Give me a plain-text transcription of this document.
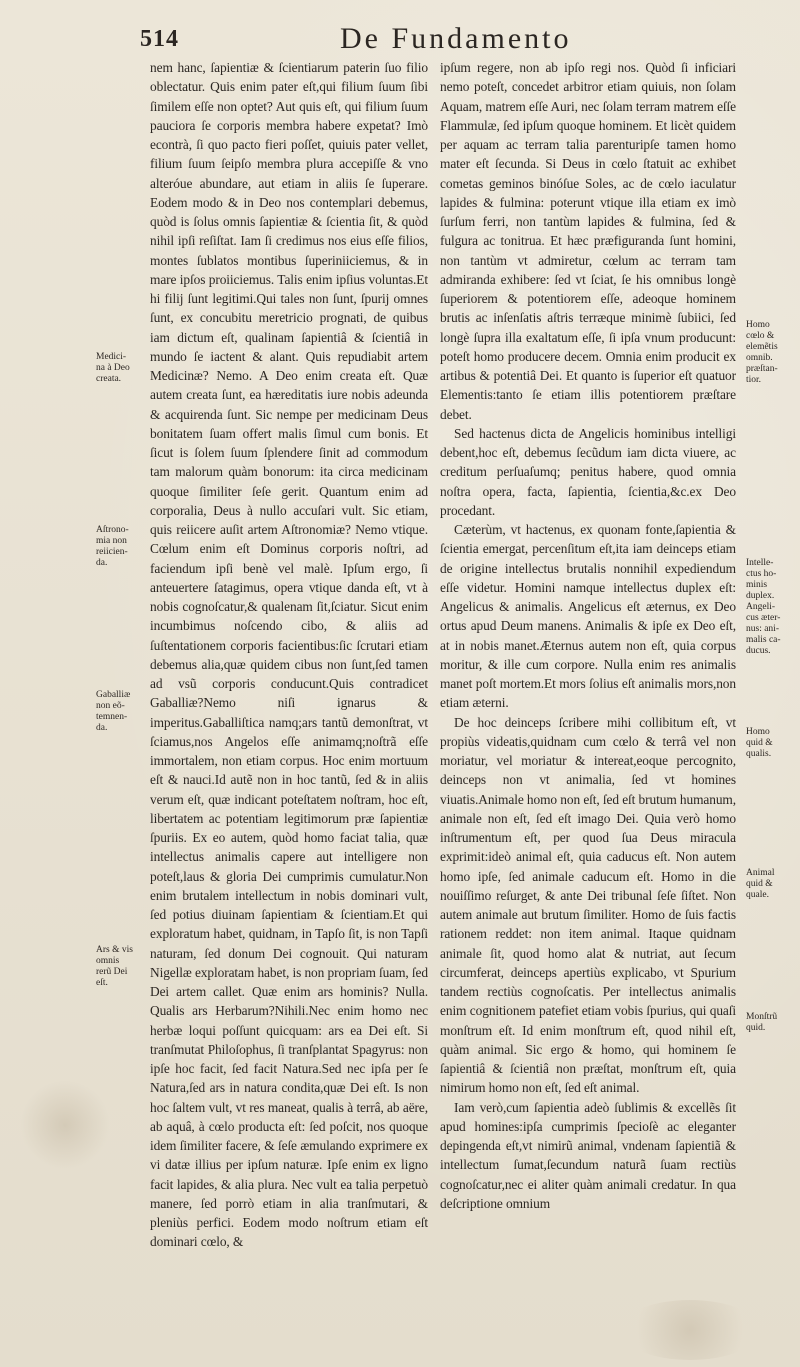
514	De Fundamento

nem hanc, ſapientiæ & ſcientiarum paterin ſuo filio oblectatur. Quis enim pater eſt,qui filium ſuum ſibi ſimilem eſſe non optet? Aut quis eſt, qui filium ſuum pauciora ſe corporis membra habere expetat? Imò econtrà, ſi quo pacto fieri poſſet, quiuis pater vellet, filium ſuum ſeipſo membra plura accepiſſe & vno alteróue abundare, aut etiam in aliis ſe ſuperare. Eodem modo & in Deo nos contemplari debemus, quòd is ſolus omnis ſapientiæ & ſcientia ſit, & quòd nihil ipſi reſiſtat. Iam ſi credimus nos eius eſſe filios, montes ſublatos montibus ſuperiniiciemus, & in mare ipſos proiiciemus. Talis enim ipſius voluntas.Et hi filij ſunt legitimi.Qui tales non ſunt, ſpurij omnes ſunt, ex concubitu meretricio prognati, de quibus iam dictum eſt, qualinam ſapientiâ & ſcientiâ in mundo ſe iactent & alant. Quis repudiabit artem Medicinæ? Nemo. A Deo enim creata eſt. Quæ autem creata ſunt, ea hæreditatis iure nobis adeunda & acquirenda ſunt. Sic nempe per medicinam Deus bonitatem ſuam offert malis ſimul cum bonis. Et ſicut is ſolem ſuum ſplendere ſinit ad commodum tam malorum quàm bonorum: ita circa medicinam quoque ſimiliter ſeſe gerit. Quantum enim ad corporalia, Deus à nullo accuſari vult. Sic etiam, quis reiicere auſit artem Aſtronomiæ? Nemo vtique. Cœlum enim eſt Dominus corporis noſtri, ad faciendum ipſi benè vel malè. Ipſum ergo, ſi anteuertere ſatagimus, opera vtique danda eſt, vt à nobis cognoſcatur,& qualenam ſit,ſciatur. Sicut enim incumbimus noſcendo cibo, & aliis ad ſuſtentationem corporis facientibus:ſic ſcrutari etiam debemus alia,quæ quidem cibus non ſunt,ſed tamen ad vsũ corporis conducunt.Quis contradicet Gaballiæ?Nemo niſi ignarus & imperitus.Gaballiſtica namq;ars tantũ demonſtrat, vt ſciamus,nos Angelos eſſe animamq;noſtrã eſſe immortalem, non etiam corpus. Hoc enim mortuum eſt & nauci.Id autẽ non in hoc tantũ, ſed & in aliis verum eſt, quæ indicant poteſtatem noſtram, hoc eſt, libertatem ac potentiam legitimorum præ ſapientiæ ſpuriis. Ex eo autem, quòd homo faciat talia, quæ intellectus animalis capere aut intelligere non poteſt,laus & gloria Dei cumprimis cumulatur.Non enim brutalem intellectum in nobis dominari vult, ſed potius diuinam ſapientiam & ſcientiam.Et qui exploratum habet, quidnam, in Tapſo ſit, is non Tapſi naturam, ſed donum Dei cognouit. Qui naturam Nigellæ exploratam habet, is non propriam ſuam, ſed Dei artem callet. Quæ enim ars hominis? Nulla. Qualis ars Herbarum?Nihili.Nec enim homo nec herbæ loqui poſſunt quicquam: ars ea Dei eſt. Si tranſmutat Philoſophus, ſi tranſplantat Spagyrus: non ipſe hoc facit, ſed facit Natura.Sed nec ipſa per ſe Natura,ſed ars in natura condita,quæ Dei eſt. Is non hoc ſaltem vult, vt res maneat, qualis à terrâ, ab aëre, ab aquâ, à cœlo producta eſt: ſed poſcit, nos quoque idem ſimiliter facere, & ſeſe æmulando exprimere ex vi datæ illius per ipſum naturæ. Ipſe enim ex ligno facit lapides, & alia plura. Nec vult ea talia perpetuò manere, ſed porrò etiam in alia tranſmutari, & pleniùs perfici. Eodem modo noſtrum etiam eſt dominari cœlo, &

ipſum regere, non ab ipſo regi nos. Quòd ſi inficiari nemo poteſt, concedet arbitror etiam quiuis, non ſolam Aquam, matrem eſſe Auri, nec ſolam terram matrem eſſe Flammulæ, ſed ipſum quoque hominem. Et licèt quidem per aquam ac terram talia parenturipſe tamen homo mater eſt ſecunda. Si Deus in cœlo ſtatuit ac exhibet cometas geminos binóſue Soles, ac de cœlo iaculatur lapides & fulmina: poterunt vtique illa etiam ex imò ſurſum ferri, non tantùm lapides & fulmina, ſed & fulgura ac tonitrua. Et hæc præfiguranda ſunt homini, non tantùm vt admiretur, cœlum ac terram tam admiranda exhibere: ſed vt ſciat, ſe his omnibus longè ſuperiorem & potentiorem eſſe, adeoque hominem brutis ac inſenſatis aſtris terræque minimè ſubiici, ſed longè ſupra illa exaltatum eſſe, ſi ipſa vnum producunt: poteſt homo producere decem. Omnia enim producit ex artibus & potentiâ Dei. Et quanto is ſuperior eſt quatuor Elementis:tanto ſe etiam illis potentiorem præſtare debet.

Sed hactenus dicta de Angelicis hominibus intelligi debent,hoc eſt, debemus ſecũdum iam dicta viuere, ac creditum perſuaſumq; penitus habere, quod omnia noſtra opera, facta, ſapientia, ſcientia,&c.ex Deo procedant.

Cæterùm, vt hactenus, ex quonam fonte,ſapientia & ſcientia emergat, percenſitum eſt,ita iam deinceps etiam de origine intellectus brutalis nonnihil expediendum eſſe videtur. Homini namque intellectus duplex eſt: Angelicus & animalis. Angelicus eſt æternus, ex Deo ortus apud Deum manens. Animalis & ipſe ex Deo eſt, at in nobis manet.Æternus autem non eſt, quia corpus moritur, & ille cum corpore. Nulla enim res animalis manet poſt mortem.Et mors ſolius eſt animalis mors,non etiam æterni.

De hoc deinceps ſcribere mihi collibitum eſt, vt propiùs videatis,quidnam cum cœlo & terrâ vel non moriatur, vel moriatur & intereat,eoque percognito, deinceps non vt animalia, ſed vt homines viuatis.Animale homo non eſt, ſed eſt brutum humanum, animale non eſt, ſed eſt imago Dei. Quia verò homo inſtrumentum eſt, per quod ſua Deus miracula exprimit:ideò animal eſt, quia caducus eſt. Non autem homo ipſe, ſed animale caducum eſt. Homo in die nouiſſimo reſurget, & ante Dei tribunal ſeſe ſiſtet. Non autem animale aut brutum ſimiliter. Homo de ſuis factis rationem reddet: non item animal. Itaque quidnam animale ſit, quod homo alat & nutriat, aut ſecum circumferat, deinceps apertiùs explicabo, vt Spurium tandem rectiùs cognoſcatis. Per intellectus animalis enim cognitionem patefiet etiam vobis ſpurius, qui quaſi monſtrum eſt. Id enim monſtrum eſt, quod nihil eſt, quàm animal. Sic ergo & homo, qui hominem ſe ſapientiâ & ſcientiâ non præſtat, monſtrum eſt, quia nimirum homo non eſt, ſed eſt animal.

Iam verò,cum ſapientia adeò ſublimis & excellẽs ſit apud homines:ipſa cumprimis ſpecioſè ac eleganter depingenda eſt,vt nimirũ animal, vndenam ſapientiã & intellectum ſumat,ſecundum naturã ſuam rectiùs cognoſcatur,nec ei aliter quàm animali credatur. In qua deſcriptione omnium

Medici-
na à Deo
creata.
Aſtrono-
mia non
reiicien-
da.
Gaballiæ
non eõ-
temnen-
da.
Ars & vis
omnis
rerũ Dei
eſt.
Homo
cœlo &
elemẽtis
omnib.
præſtan-
tior.
Intelle-
ctus ho-
minis
duplex.
Angeli-
cus æter-
nus: ani-
malis ca-
ducus.
Homo
quid &
qualis.
Animal
quid &
quale.
Monſtrũ
quid.
